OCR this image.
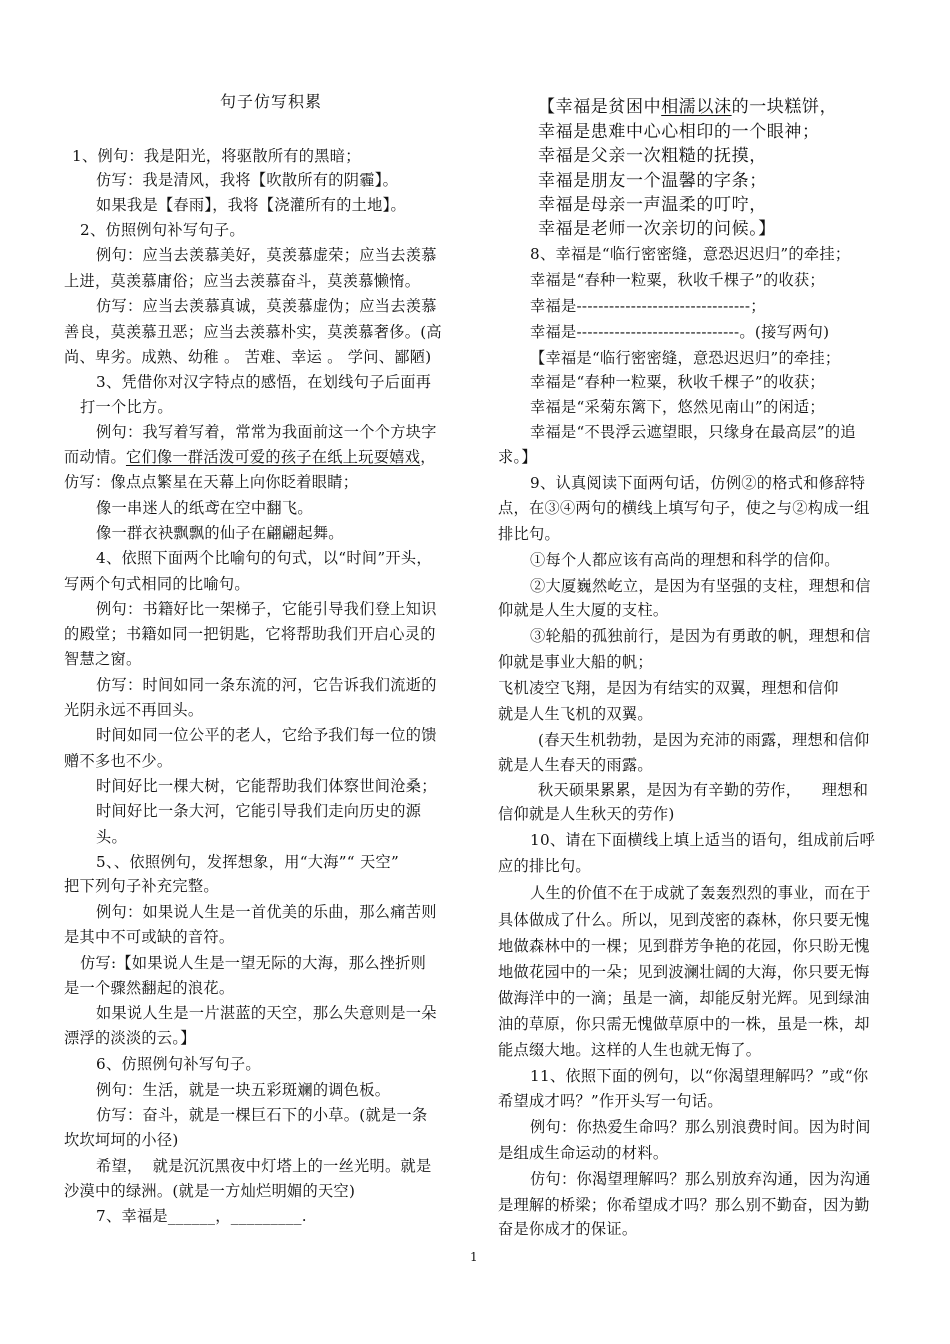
句子仿写积累
1、例句：我是阳光，将驱散所有的黑暗；
仿写：我是清风，我将【吹散所有的阴霾】。
如果我是【春雨】，我将【浇灌所有的土地】。
2、仿照例句补写句子。
例句：应当去羡慕美好，莫羡慕虚荣；应当去羡慕
上进，莫羡慕庸俗；应当去羡慕奋斗，莫羡慕懒惰。
仿写：应当去羡慕真诚，莫羡慕虚伪；应当去羡慕
善良，莫羡慕丑恶；应当去羡慕朴实，莫羡慕奢侈。(高
尚、卑劣。成熟、幼稚 。 苦难、幸运 。 学问、鄙陋)
3、凭借你对汉字特点的感悟，在划线句子后面再
打一个比方。
例句：我写着写着，常常为我面前这一个个方块字
而动情。它们像一群活泼可爱的孩子在纸上玩耍嬉戏，
仿写：像点点繁星在天幕上向你眨着眼睛；
像一串迷人的纸鸢在空中翻飞。
像一群衣袂飘飘的仙子在翩翩起舞。
4、依照下面两个比喻句的句式，以“时间”开头，
写两个句式相同的比喻句。
例句：书籍好比一架梯子，它能引导我们登上知识
的殿堂；书籍如同一把钥匙，它将帮助我们开启心灵的
智慧之窗。
仿写：时间如同一条东流的河，它告诉我们流逝的
光阴永远不再回头。
时间如同一位公平的老人，它给予我们每一位的馈
赠不多也不少。
时间好比一棵大树，它能帮助我们体察世间沧桑；
时间好比一条大河，它能引导我们走向历史的源
头。
5、、依照例句，发挥想象，用“大海”“ 天空”
把下列句子补充完整。
例句：如果说人生是一首优美的乐曲，那么痛苦则
是其中不可或缺的音符。
仿写:【如果说人生是一望无际的大海，那么挫折则
是一个骤然翻起的浪花。
如果说人生是一片湛蓝的天空，那么失意则是一朵
漂浮的淡淡的云。】
6、仿照例句补写句子。
例句：生活，就是一块五彩斑斓的调色板。
仿写：奋斗，就是一棵巨石下的小草。(就是一条
坎坎坷坷的小径)
希望，  就是沉沉黑夜中灯塔上的一丝光明。就是
沙漠中的绿洲。(就是一方灿烂明媚的天空)
7、幸福是______，_________.
【幸福是贫困中相濡以沫的一块糕饼，
幸福是患难中心心相印的一个眼神；
幸福是父亲一次粗糙的抚摸，
幸福是朋友一个温馨的字条；
幸福是母亲一声温柔的叮咛，
幸福是老师一次亲切的问候。】
8、幸福是“临行密密缝，意恐迟迟归”的牵挂；
幸福是“春种一粒粟，秋收千棵子”的收获；
幸福是--------------------------------；
幸福是------------------------------。(接写两句)
【幸福是“临行密密缝，意恐迟迟归”的牵挂；
幸福是“春种一粒粟，秋收千棵子”的收获；
幸福是“采菊东篱下，悠然见南山”的闲适；
幸福是“不畏浮云遮望眼，只缘身在最高层”的追
求。】
9、认真阅读下面两句话，仿例②的格式和修辞特
点，在③④两句的横线上填写句子，使之与②构成一组
排比句。
①每个人都应该有高尚的理想和科学的信仰。
②大厦巍然屹立，是因为有坚强的支柱，理想和信
仰就是人生大厦的支柱。
③轮船的孤独前行，是因为有勇敢的帆，理想和信
仰就是事业大船的帆；
飞机凌空飞翔，是因为有结实的双翼，理想和信仰
就是人生飞机的双翼。
(春天生机勃勃，是因为充沛的雨露，理想和信仰
就是人生春天的雨露。
秋天硕果累累，是因为有辛勤的劳作，    理想和
信仰就是人生秋天的劳作)
10、请在下面横线上填上适当的语句，组成前后呼
应的排比句。
人生的价值不在于成就了轰轰烈烈的事业，而在于
具体做成了什么。所以，见到茂密的森林，你只要无愧
地做森林中的一棵；见到群芳争艳的花园，你只盼无愧
地做花园中的一朵；见到波澜壮阔的大海，你只要无悔
做海洋中的一滴；虽是一滴，却能反射光辉。见到绿油
油的草原，你只需无愧做草原中的一株，虽是一株，却
能点缀大地。这样的人生也就无悔了。
11、依照下面的例句，以“你渴望理解吗？”或“你
希望成才吗？”作开头写一句话。
例句：你热爱生命吗？那么别浪费时间。因为时间
是组成生命运动的材料。
仿句：你渴望理解吗？那么别放弃沟通，因为沟通
是理解的桥梁；你希望成才吗？那么别不勤奋，因为勤
奋是你成才的保证。
1
